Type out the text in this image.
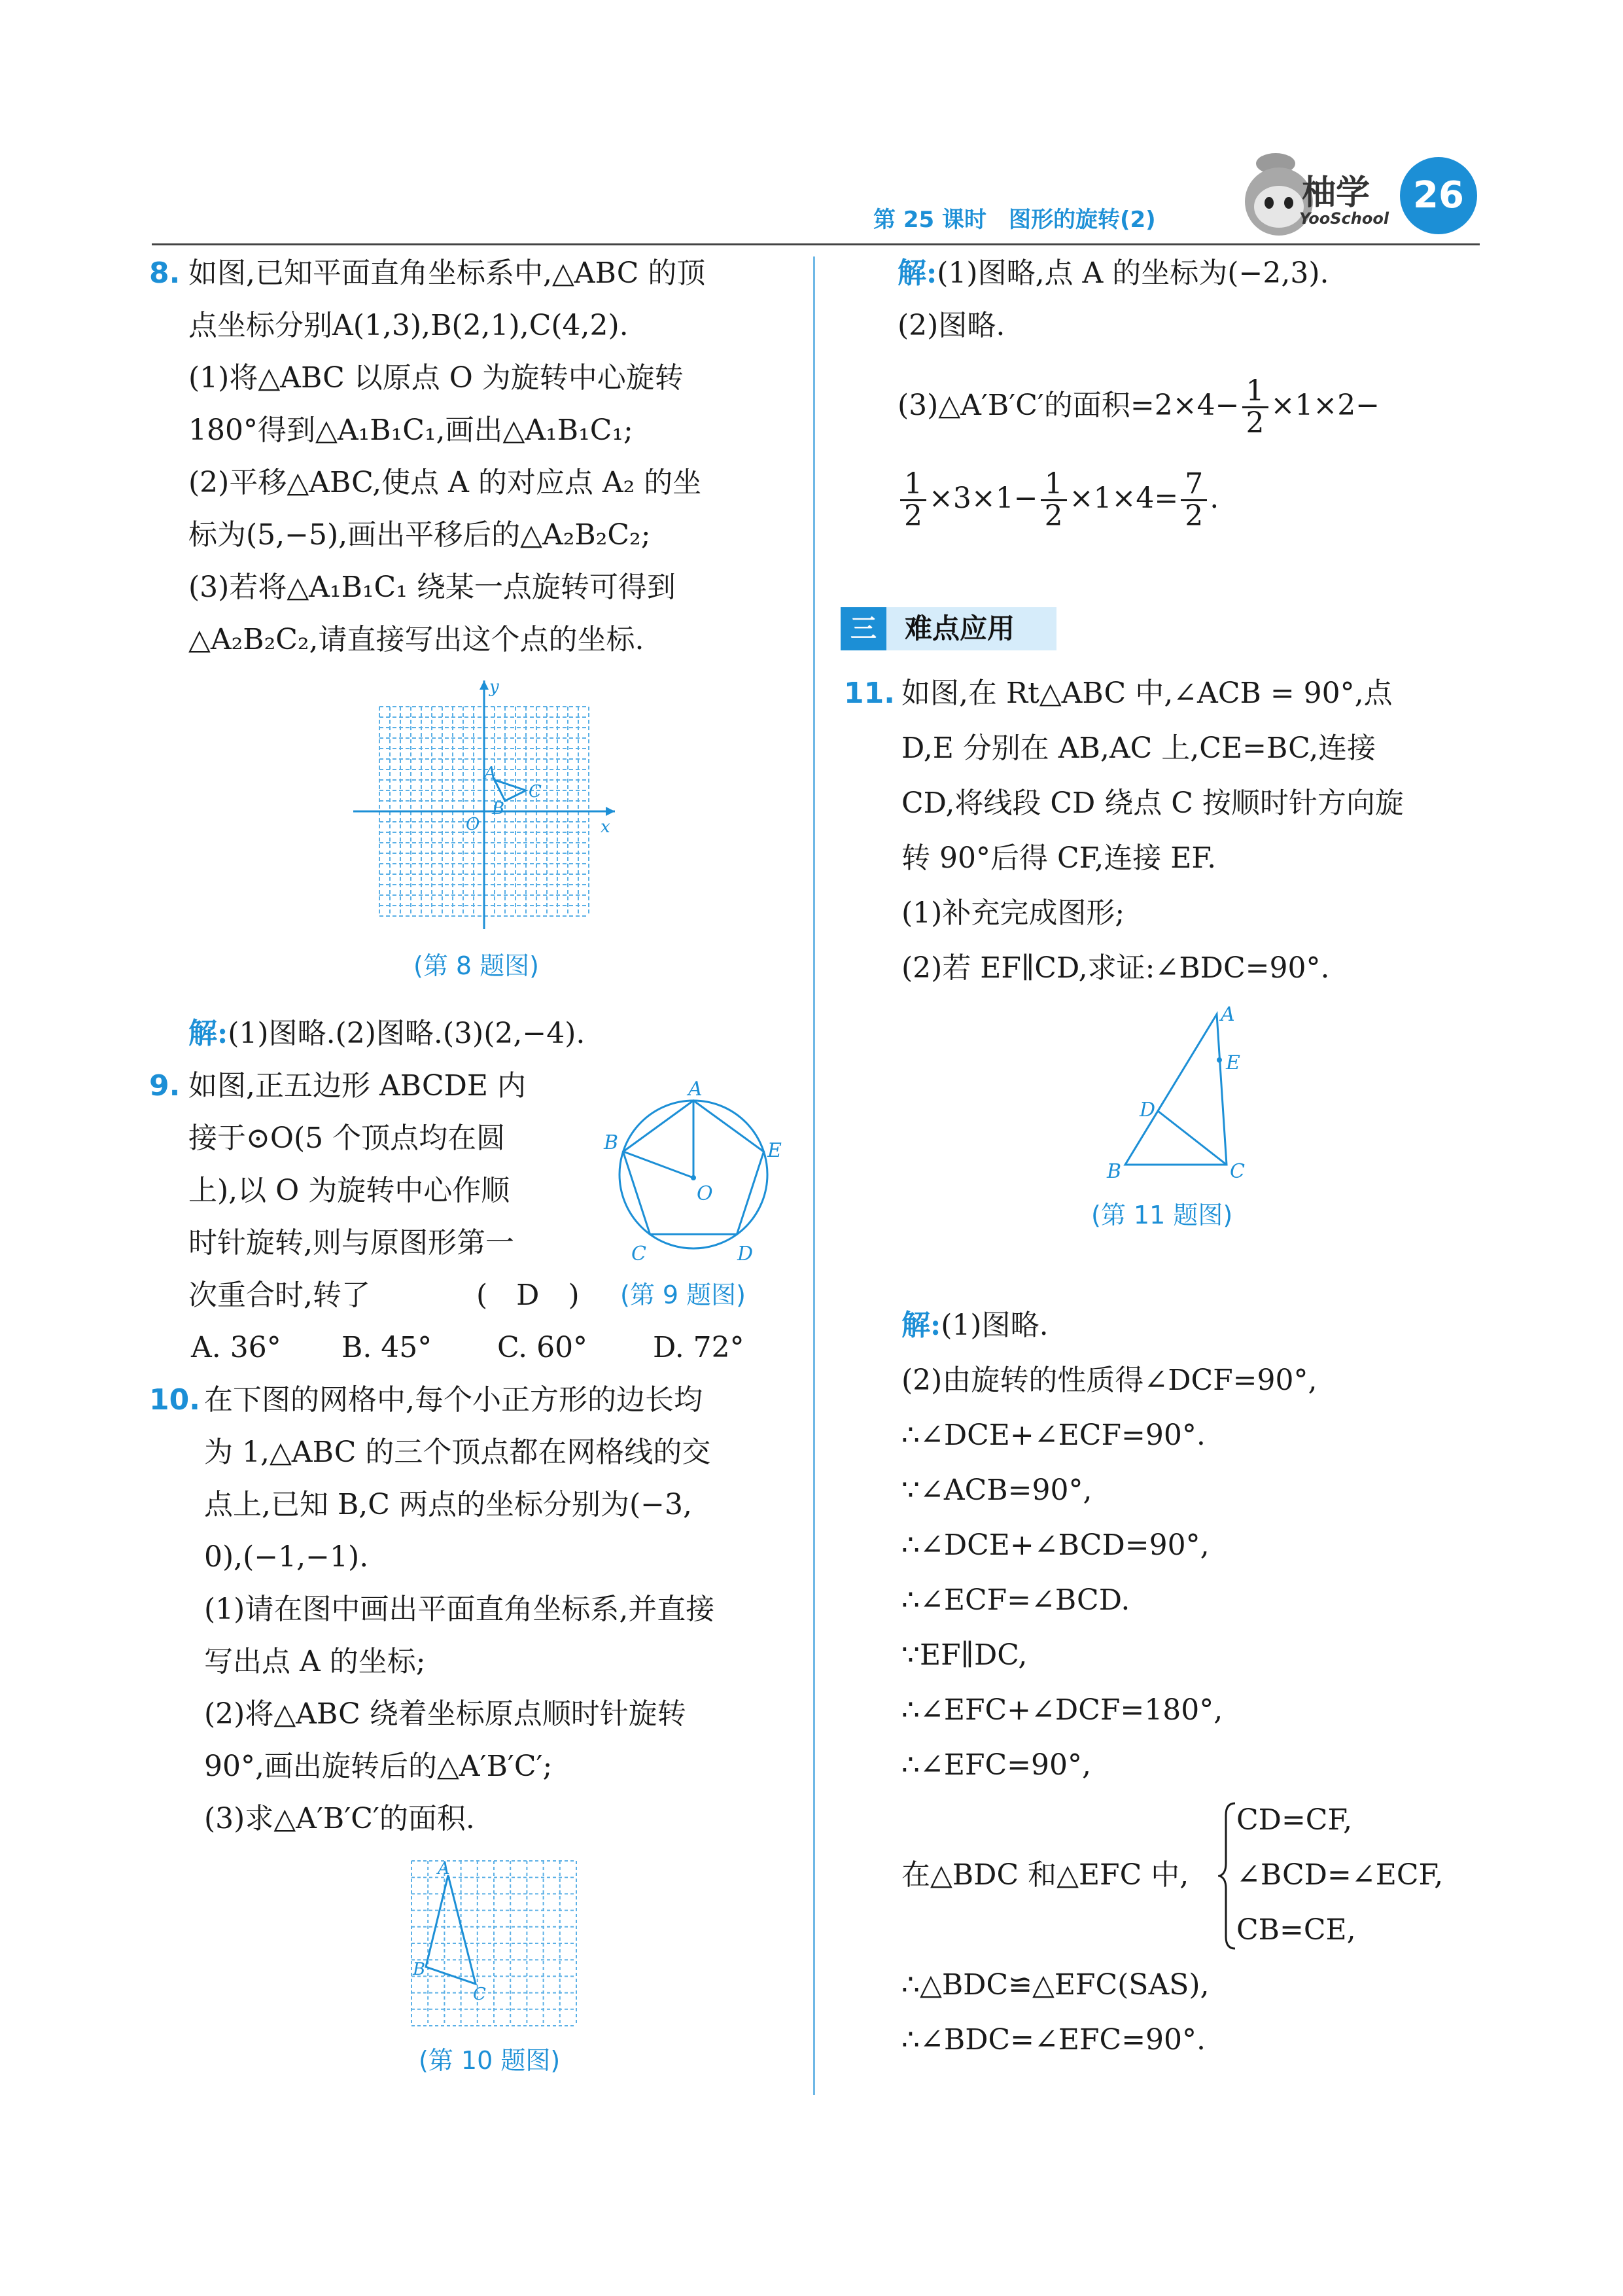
第 25 课时　图形的旋转(2)
柚学
YooSchool
26
8. 如图,已知平面直角坐标系中,△ABC 的顶
点坐标分别A(1,3),B(2,1),C(4,2).
(1)将△ABC 以原点 O 为旋转中心旋转
180°得到△A₁B₁C₁,画出△A₁B₁C₁;
(2)平移△ABC,使点 A 的对应点 A₂ 的坐
标为(5,−5),画出平移后的△A₂B₂C₂;
(3)若将△A₁B₁C₁ 绕某一点旋转可得到
△A₂B₂C₂,请直接写出这个点的坐标.
y
x
O
A
B
C
(第 8 题图)
解:(1)图略.(2)图略.(3)(2,−4).
9. 如图,正五边形 ABCDE 内
接于⊙O(5 个顶点均在圆
上),以 O 为旋转中心作顺
时针旋转,则与原图形第一
次重合时,转了	(　D　)
A. 36° B. 45° C. 60° D. 72°
A
B	E
O
C	D
(第 9 题图)
10. 在下图的网格中,每个小正方形的边长均
为 1,△ABC 的三个顶点都在网格线的交
点上,已知 B,C 两点的坐标分别为(−3,
0),(−1,−1).
(1)请在图中画出平面直角坐标系,并直接
写出点 A 的坐标;
(2)将△ABC 绕着坐标原点顺时针旋转
90°,画出旋转后的△A′B′C′;
(3)求△A′B′C′的面积.
A
B
C
(第 10 题图)
解:(1)图略,点 A 的坐标为(−2,3).
(2)图略.
(3)△A′B′C′的面积$=2\times 4- \frac{1}{2} \times 1\times 2-$
$\frac{1}{2} \times 3\times 1- \frac{1}{2} \times 1\times 4= \frac{7}{2}$ .
三	难点应用
11. 如图,在 Rt△ABC 中,∠ACB = 90°,点
D,E 分别在 AB,AC 上,CE=BC,连接
CD,将线段 CD 绕点 C 按顺时针方向旋
转 90°后得 CF,连接 EF.
(1)补充完成图形;
(2)若 EF∥CD,求证:∠BDC=90°.
A
E
D
B	C
(第 11 题图)
解:(1)图略.
(2)由旋转的性质得∠DCF=90°,
∴∠DCE+∠ECF=90°.
∵∠ACB=90°,
∴∠DCE+∠BCD=90°,
∴∠ECF=∠BCD.
∵EF∥DC,
∴∠EFC+∠DCF=180°,
∴∠EFC=90°,
在△BDC 和△EFC 中,
CD=CF,
∠BCD=∠ECF,
CB=CE,
∴△BDC≌△EFC(SAS),
∴∠BDC=∠EFC=90°.
